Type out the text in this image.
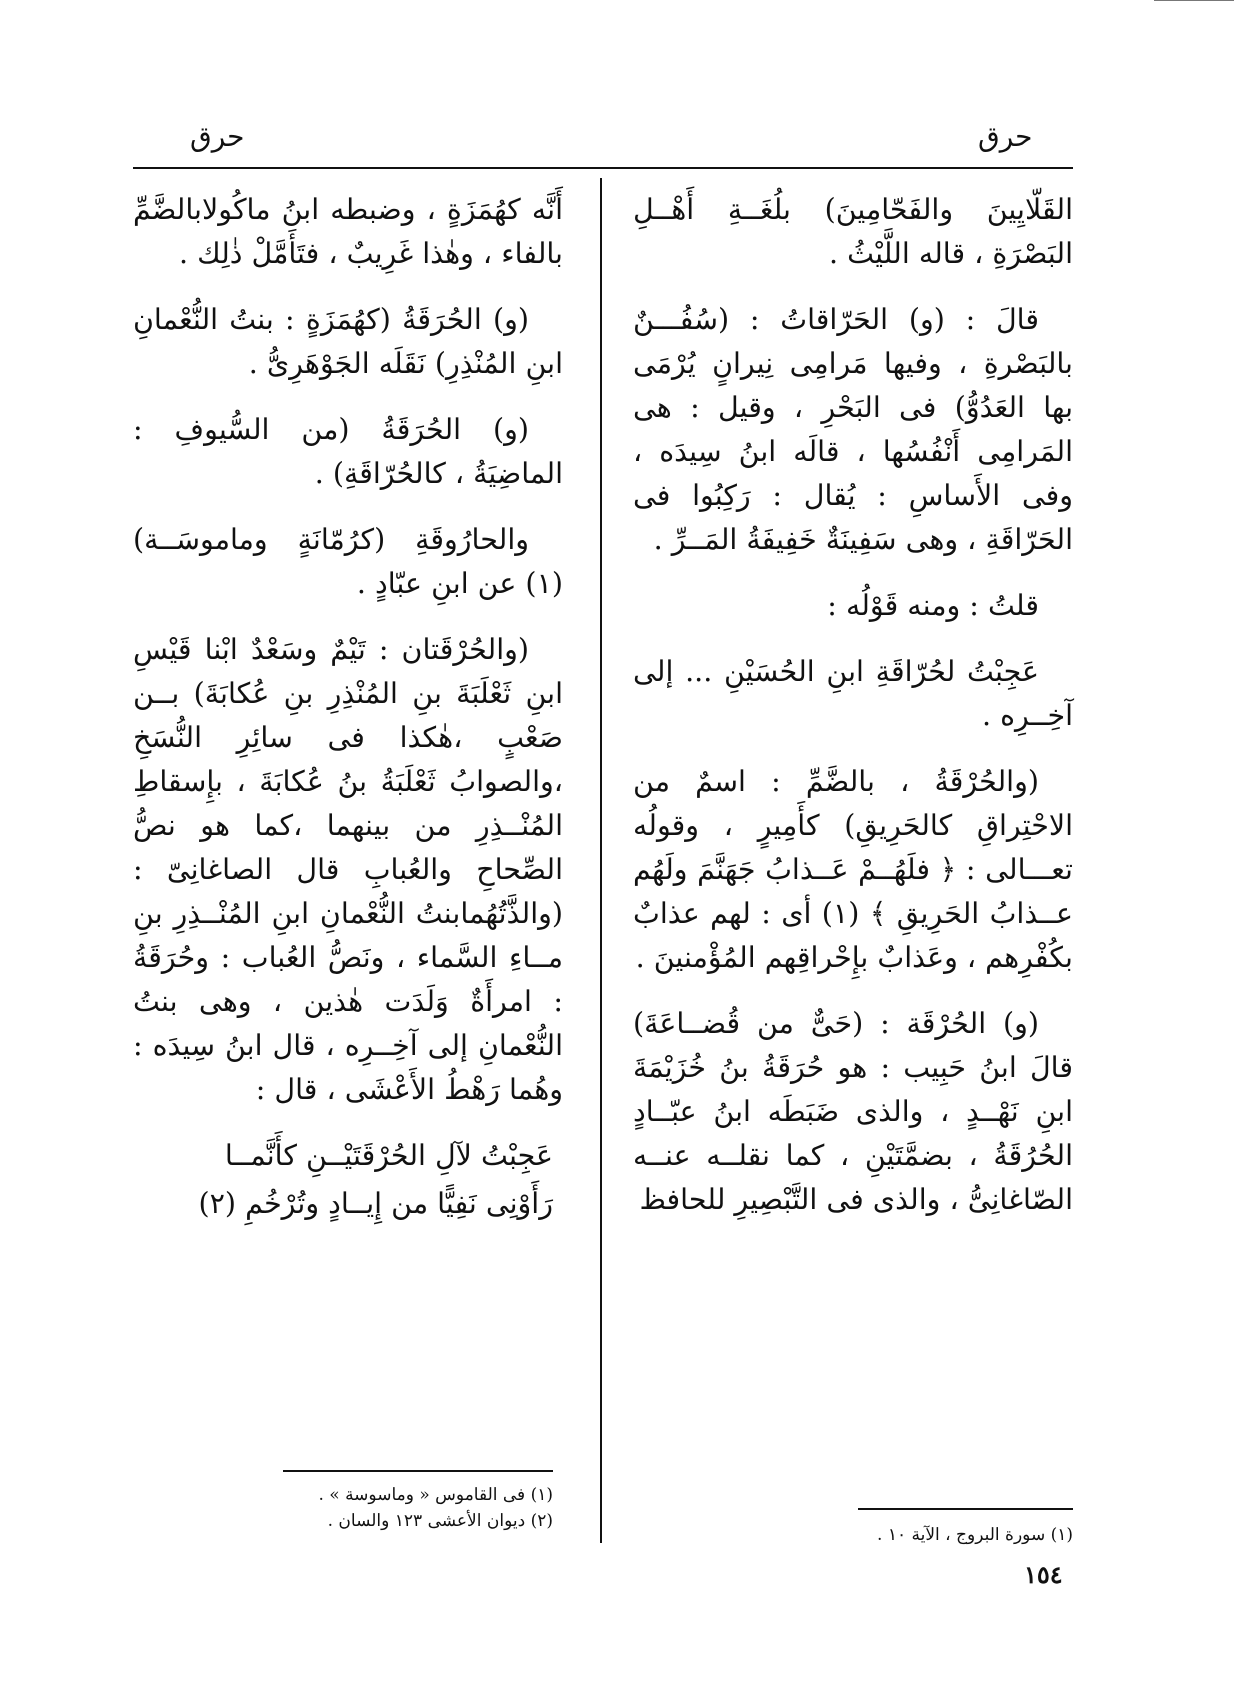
حرق
حرق

القَلّايِينَ والفَحّامِينَ) بلُغَــةِ أَهْــلِ البَصْرَةِ ، قاله اللَّيْثُ .

قالَ : (و) الحَرّاقاتُ : (سُفُـــنٌ بالبَصْرةِ ، وفيها مَرامِى نِيرانٍ يُرْمَى بها العَدُوُّ) فى البَحْرِ ، وقيل : هى المَرامِى أَنْفُسُها ، قالَه ابنُ سِيدَه ، وفى الأَساسِ : يُقال : رَكِبُوا فى الحَرّاقَةِ ، وهى سَفِينَةٌ خَفِيفَةُ المَــرِّ .

قلتُ : ومنه قَوْلُه :

عَجِبْتُ لحُرّاقَةِ ابنِ الحُسَيْنِ ... إلى آخِــرِه .

(والحُرْقَةُ ، بالضَّمِّ : اسمٌ من الاحْتِراقِ كالحَرِيقِ) كأَمِيرٍ ، وقولُه تعـــالى : ﴿ فلَهُــمْ عَــذابُ جَهَنَّمَ ولَهُم عــذابُ الحَرِيقِ ﴾ (١) أى : لهم عذابٌ بكُفْرِهم ، وعَذابٌ بإِحْراقِهم المُؤْمنينَ .

(و) الحُرْقَة : (حَىٌّ من قُضــاعَةَ) قالَ ابنُ حَبِيب : هو حُرَقَةُ بنُ خُزَيْمَةَ ابنِ نَهْــدٍ ، والذى ضَبَطَه ابنُ عبّــادٍ الحُرُقَةُ ، بضمَّتَيْنِ ، كما نقلــه عنــه الصّاغانِىُّ ، والذى فى التَّبْصِيرِ للحافظ

أَنَّه كهُمَزَةٍ ، وضبطه ابنُ ماكُولابالضَّمِّ بالفاء ، وهٰذا غَرِيبٌ ، فتَأَمَّلْ ذٰلِك .

(و) الحُرَقَةُ (كهُمَزَةٍ : بنتُ النُّعْمانِ ابنِ المُنْذِرِ) نَقَلَه الجَوْهَرِىُّ .

(و) الحُرَقَةُ (من السُّيوفِ : الماضِيَةُ ، كالحُرّاقَةِ) .

والحارُوقَةِ (كرُمّانَةٍ وماموسَــة) (١) عن ابنِ عبّادٍ .

(والحُرْقَتان : تَيْمٌ وسَعْدٌ ابْنا قَيْسِ ابنِ ثَعْلَبَةَ بنِ المُنْذِرِ بنِ عُكابَةَ) بــن صَعْبٍ ،هٰكذا فى سائِرِ النُّسَخِ ،والصوابُ ثَعْلَبَةُ بنُ عُكابَةَ ، بإِسقاطِ المُنْــذِرِ من بينهما ،كما هو نصُّ الصِّحاحِ والعُبابِ قال الصاغانِىّ :(والذَّتُهُمابنتُ النُّعْمانِ ابنِ المُنْــذِرِ بنِ مــاءِ السَّماء ، ونَصُّ العُباب : وحُرَقَةُ : امرأَةٌ وَلَدَت هٰذين ، وهى بنتُ النُّعْمانِ إلى آخِــرِه ، قال ابنُ سِيدَه : وهُما رَهْطُ الأَعْشَى ، قال :

عَجِبْتُ لآلِ الحُرْقَتَيْــنِ كأَنَّمــا

رَأَوْنِى نَفِيًّا من إِيــادٍ وتُرْخُمِ (٢)

(١) سورة البروج ، الآية ١٠ .
(١) فى القاموس « وماسوسة » .
(٢) ديوان الأعشى ١٢٣ والسان .
١٥٤
